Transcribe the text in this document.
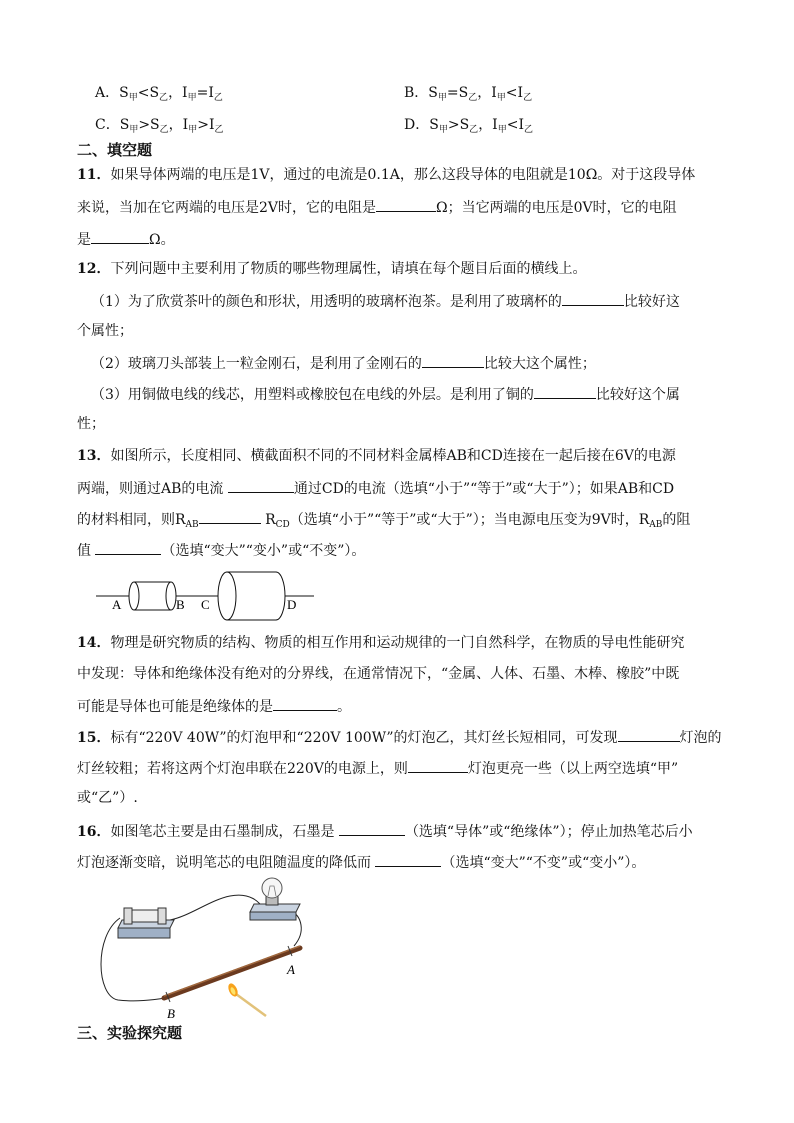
A．$S_甲<S_乙$，$I_甲=I_乙$	B．$S_甲=S_乙$，$I_甲<I_乙$
C．$S_甲>S_乙$，$I_甲>I_乙$	D．$S_甲>S_乙$，$I_甲<I_乙$
二、填空题
11．如果导体两端的电压是1V，通过的电流是0.1A，那么这段导体的电阻就是10Ω。对于这段导体
来说，当加在它两端的电压是2V时，它的电阻是	Ω；当它两端的电压是0V时，它的电阻
是	Ω。
12．下列问题中主要利用了物质的哪些物理属性，请填在每个题目后面的横线上。
（1）为了欣赏茶叶的颜色和形状，用透明的玻璃杯泡茶。是利用了玻璃杯的	比较好这
个属性；
（2）玻璃刀头部装上一粒金刚石，是利用了金刚石的	比较大这个属性；
（3）用铜做电线的线芯，用塑料或橡胶包在电线的外层。是利用了铜的	比较好这个属
性；
13．如图所示，长度相同、横截面积不同的不同材料金属棒AB和CD连接在一起后接在6V的电源
两端，则通过AB的电流	通过CD的电流（选填“小于”“等于”或“大于”）；如果AB和CD
的材料相同，则$R_{AB}$	$R_{CD}$（选填“小于”“等于”或“大于”）；当电源电压变为9V时，$R_{AB}$的阻
值	（选填“变大”“变小”或“不变”）。
A	B C	D
14．物理是研究物质的结构、物质的相互作用和运动规律的一门自然科学，在物质的导电性能研究
中发现：导体和绝缘体没有绝对的分界线，在通常情况下，“金属、人体、石墨、木棒、橡胶”中既
可能是导体也可能是绝缘体的是	。
15．标有“220V 40W”的灯泡甲和“220V 100W”的灯泡乙，其灯丝长短相同，可发现	灯泡的
灯丝较粗；若将这两个灯泡串联在220V的电源上，则	灯泡更亮一些（以上两空选填“甲”
或“乙”）.
16．如图笔芯主要是由石墨制成，石墨是	（选填“导体”或“绝缘体”）；停止加热笔芯后小
灯泡逐渐变暗，说明笔芯的电阻随温度的降低而	（选填“变大”“不变”或“变小”）。
A
B
三、实验探究题
